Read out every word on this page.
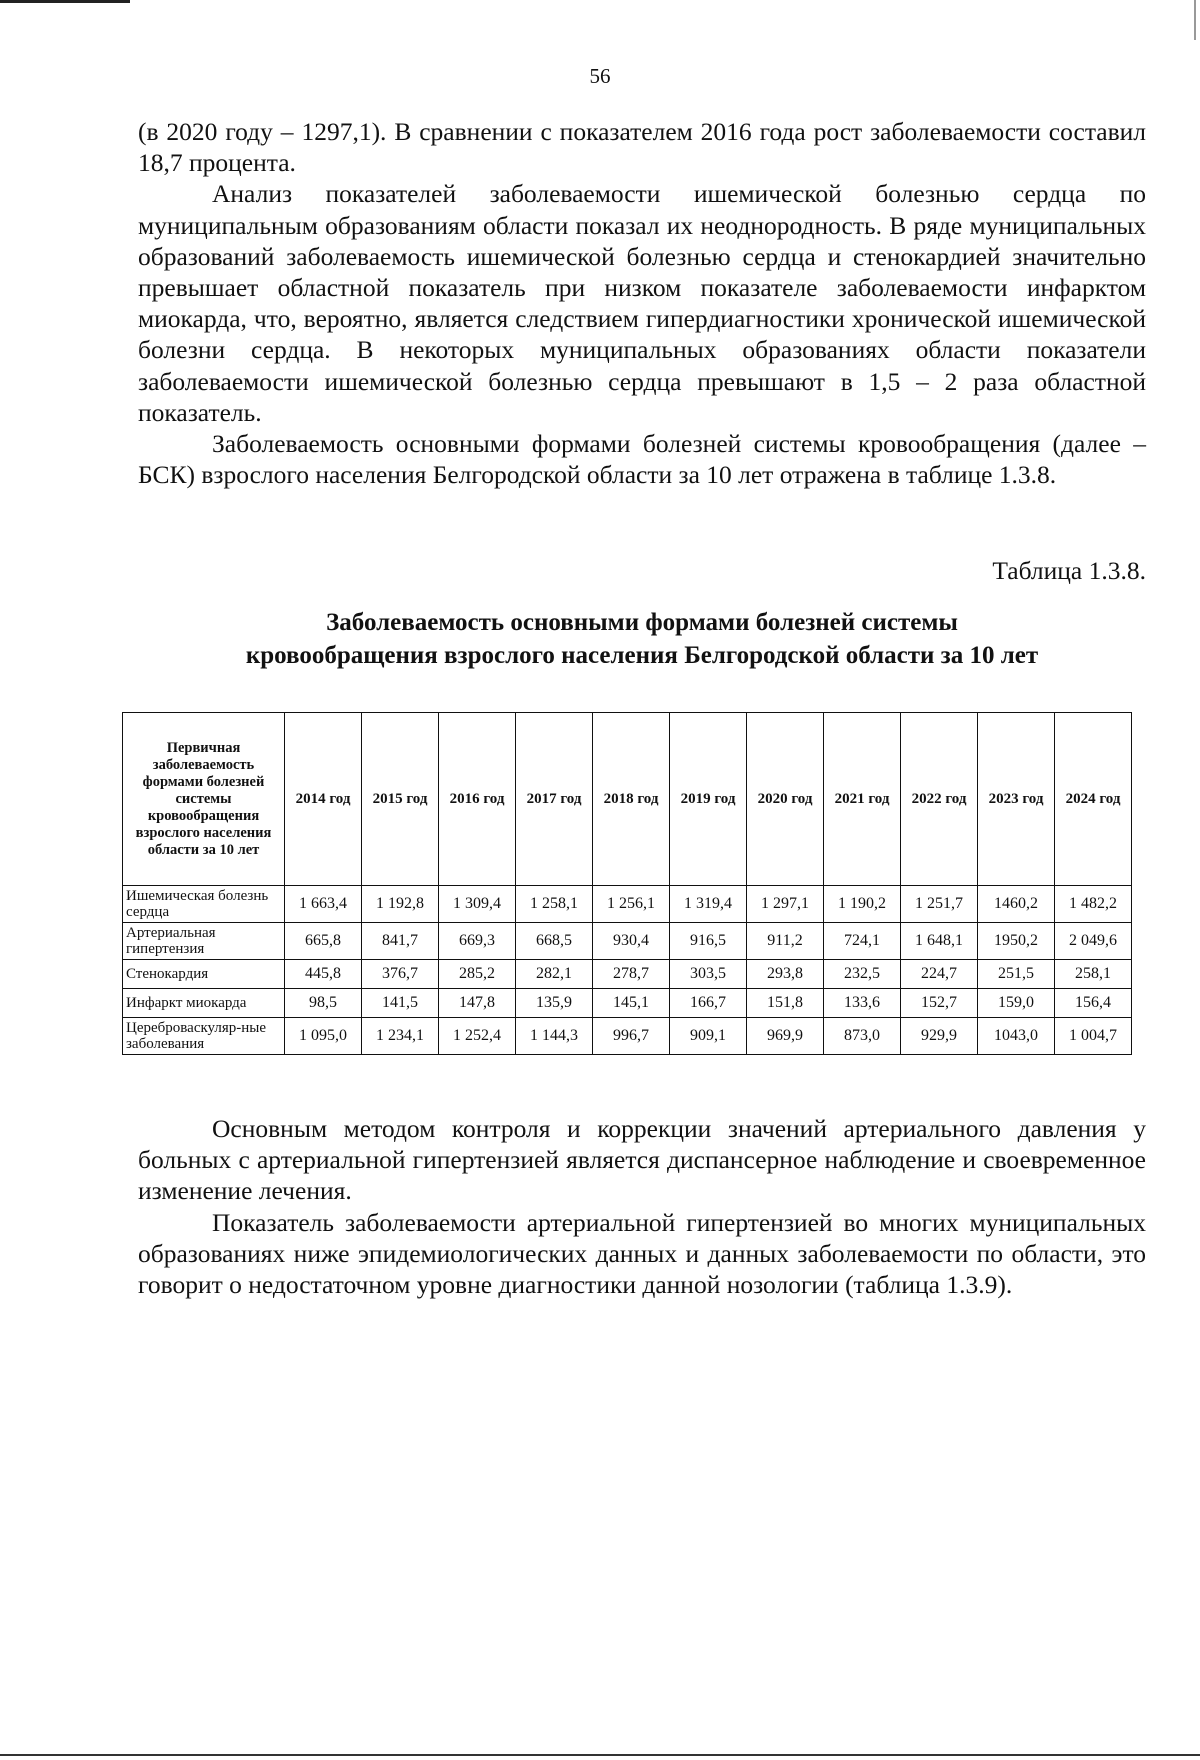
56

(в 2020 году – 1297,1). В сравнении с показателем 2016 года рост заболеваемости составил 18,7 процента.

Анализ показателей заболеваемости ишемической болезнью сердца по муниципальным образованиям области показал их неоднородность. В ряде муниципальных образований заболеваемость ишемической болезнью сердца и стенокардией значительно превышает областной показатель при низком показателе заболеваемости инфарктом миокарда, что, вероятно, является следствием гипердиагностики хронической ишемической болезни сердца. В некоторых муниципальных образованиях области показатели заболеваемости ишемической болезнью сердца превышают в 1,5 – 2 раза областной показатель.

Заболеваемость основными формами болезней системы кровообращения (далее – БСК) взрослого населения Белгородской области за 10 лет отражена в таблице 1.3.8.

Таблица 1.3.8.
Заболеваемость основными формами болезней системы
кровообращения взрослого населения Белгородской области за 10 лет
Первичная заболеваемость формами болезней системы кровообращения взрослого населения области за 10 лет	2014 год	2015 год	2016 год	2017 год	2018 год	2019 год	2020 год	2021 год	2022 год	2023 год	2024 год
Ишемическая болезнь сердца	1 663,4	1 192,8	1 309,4	1 258,1	1 256,1	1 319,4	1 297,1	1 190,2	1 251,7	1460,2	1 482,2
Артериальная гипертензия	665,8	841,7	669,3	668,5	930,4	916,5	911,2	724,1	1 648,1	1950,2	2 049,6
Стенокардия	445,8	376,7	285,2	282,1	278,7	303,5	293,8	232,5	224,7	251,5	258,1
Инфаркт миокарда	98,5	141,5	147,8	135,9	145,1	166,7	151,8	133,6	152,7	159,0	156,4
Цереброваскуляр-ные заболевания	1 095,0	1 234,1	1 252,4	1 144,3	996,7	909,1	969,9	873,0	929,9	1043,0	1 004,7

Основным методом контроля и коррекции значений артериального давления у больных с артериальной гипертензией является диспансерное наблюдение и своевременное изменение лечения.

Показатель заболеваемости артериальной гипертензией во многих муниципальных образованиях ниже эпидемиологических данных и данных заболеваемости по области, это говорит о недостаточном уровне диагностики данной нозологии (таблица 1.3.9).
